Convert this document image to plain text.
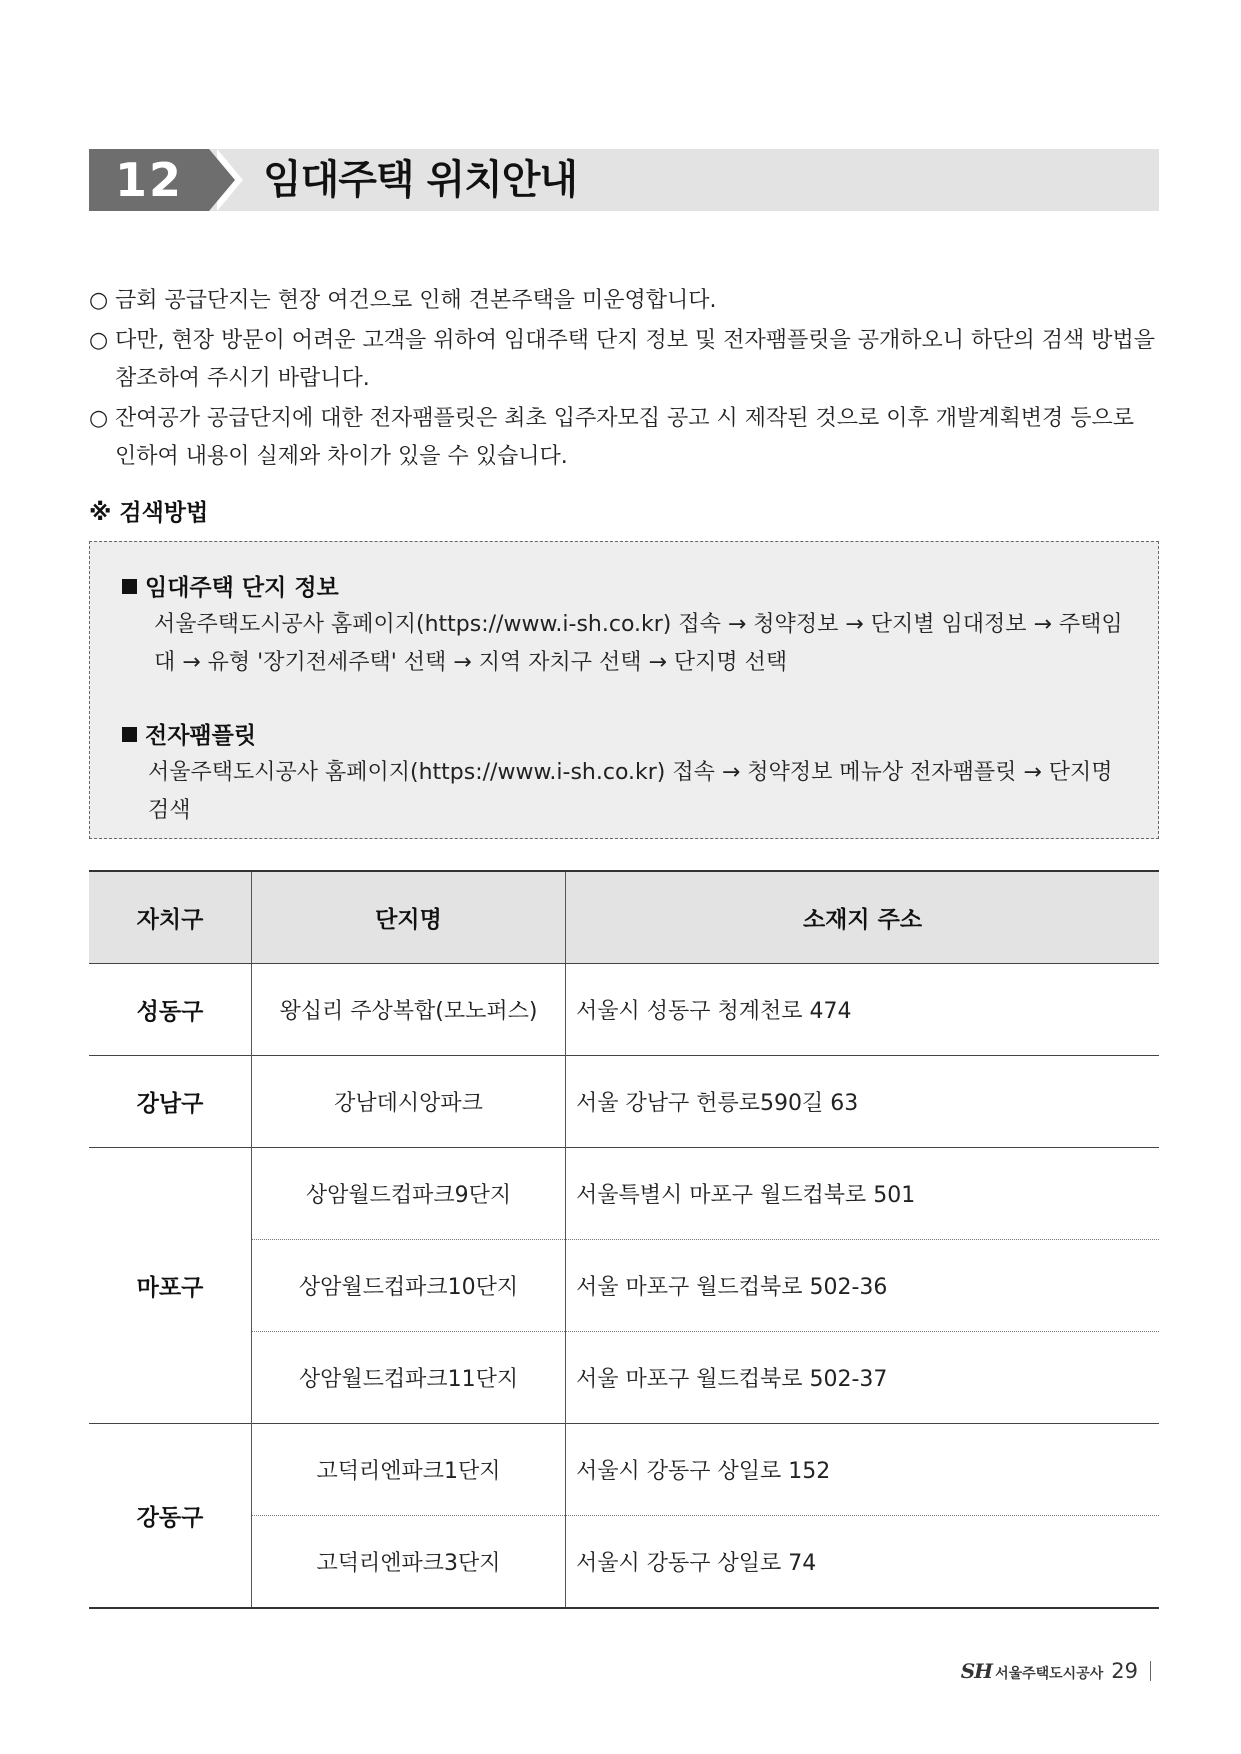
12	임대주택 위치안내
○ 금회 공급단지는 현장 여건으로 인해 견본주택을 미운영합니다.
○ 다만, 현장 방문이 어려운 고객을 위하여 임대주택 단지 정보 및 전자팸플릿을 공개하오니 하단의 검색 방법을 참조하여 주시기 바랍니다.
○ 잔여공가 공급단지에 대한 전자팸플릿은 최초 입주자모집 공고 시 제작된 것으로 이후 개발계획변경 등으로 인하여 내용이 실제와 차이가 있을 수 있습니다.
※ 검색방법
임대주택 단지 정보
서울주택도시공사 홈페이지(https://www.i-sh.co.kr) 접속 → 청약정보 → 단지별 임대정보 → 주택임대 → 유형 '장기전세주택' 선택 → 지역 자치구 선택 → 단지명 선택
전자팸플릿
서울주택도시공사 홈페이지(https://www.i-sh.co.kr) 접속 → 청약정보 메뉴상 전자팸플릿 → 단지명 검색
자치구	단지명	소재지 주소
성동구	왕십리 주상복합(모노퍼스)	서울시 성동구 청계천로 474
강남구	강남데시앙파크	서울 강남구 헌릉로590길 63
마포구	상암월드컵파크9단지	서울특별시 마포구 월드컵북로 501
	상암월드컵파크10단지	서울 마포구 월드컵북로 502-36
	상암월드컵파크11단지	서울 마포구 월드컵북로 502-37
강동구	고덕리엔파크1단지	서울시 강동구 상일로 152
	고덕리엔파크3단지	서울시 강동구 상일로 74
SH 서울주택도시공사 29
